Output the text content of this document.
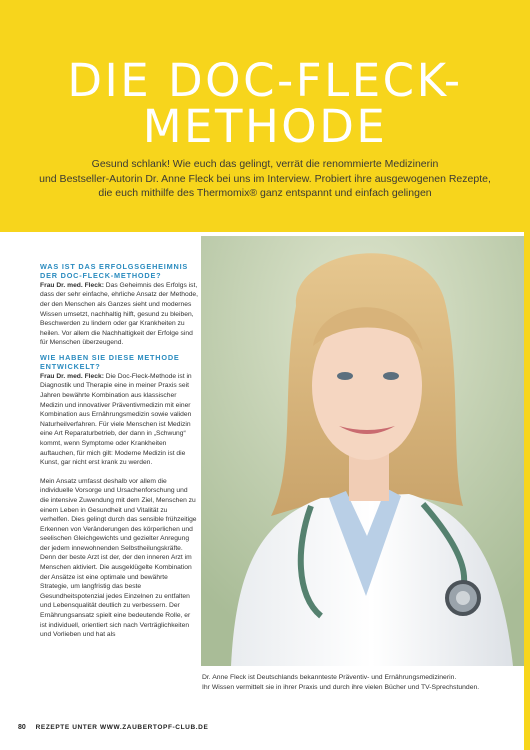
DIE DOC-FLECK-
METHODE
Gesund schlank! Wie euch das gelingt, verrät die renommierte Medizinerin
und Bestseller-Autorin Dr. Anne Fleck bei uns im Interview. Probiert ihre ausgewogenen Rezepte,
die euch mithilfe des Thermomix® ganz entspannt und einfach gelingen
WAS IST DAS ERFOLGSGEHEIMNIS DER DOC-FLECK-METHODE?

Frau Dr. med. Fleck: Das Geheimnis des Erfolgs ist, dass der sehr einfache, ehrliche Ansatz der Methode, der den Menschen als Ganzes sieht und modernes Wissen umsetzt, nachhaltig hilft, gesund zu bleiben, Beschwerden zu lindern oder gar Krankheiten zu heilen. Vor allem die Nachhaltigkeit der Erfolge sind für Menschen überzeugend.

WIE HABEN SIE DIESE METHODE ENTWICKELT?

Frau Dr. med. Fleck: Die Doc-Fleck-Methode ist in Diagnostik und Therapie eine in meiner Praxis seit Jahren bewährte Kombination aus klassischer Medizin und innovativer Präventivmedizin mit einer Kombination aus Ernährungsmedizin sowie validen Naturheilverfahren. Für viele Menschen ist Medizin eine Art Reparaturbetrieb, der dann in „Schwung“ kommt, wenn Symptome oder Krankheiten auftauchen, für mich gilt: Moderne Medizin ist die Kunst, gar nicht erst krank zu werden.

Mein Ansatz umfasst deshalb vor allem die individuelle Vorsorge und Ursachenforschung und die intensive Zuwendung mit dem Ziel, Menschen zu einem Leben in Gesundheit und Vitalität zu verhelfen. Dies gelingt durch das sensible frühzeitige Erkennen von Veränderungen des körperlichen und seelischen Gleichgewichts und gezielter Anregung der jedem innewohnenden Selbstheilungskräfte. Denn der beste Arzt ist der, der den inneren Arzt im Menschen aktiviert. Die ausgeklügelte Kombination der Ansätze ist eine optimale und bewährte Strategie, um langfristig das beste Gesundheitspotenzial jedes Einzelnen zu entfalten und Lebensqualität deutlich zu verbessern. Der Ernährungsansatz spielt eine bedeutende Rolle, er ist individuell, orientiert sich nach Verträglichkeiten und Vorlieben und hat als

Dr. Anne Fleck ist Deutschlands bekannteste Präventiv- und Ernährungsmedizinerin.
Ihr Wissen vermittelt sie in ihrer Praxis und durch ihre vielen Bücher und TV-Sprechstunden.
80 REZEPTE UNTER WWW.ZAUBERTOPF-CLUB.DE
